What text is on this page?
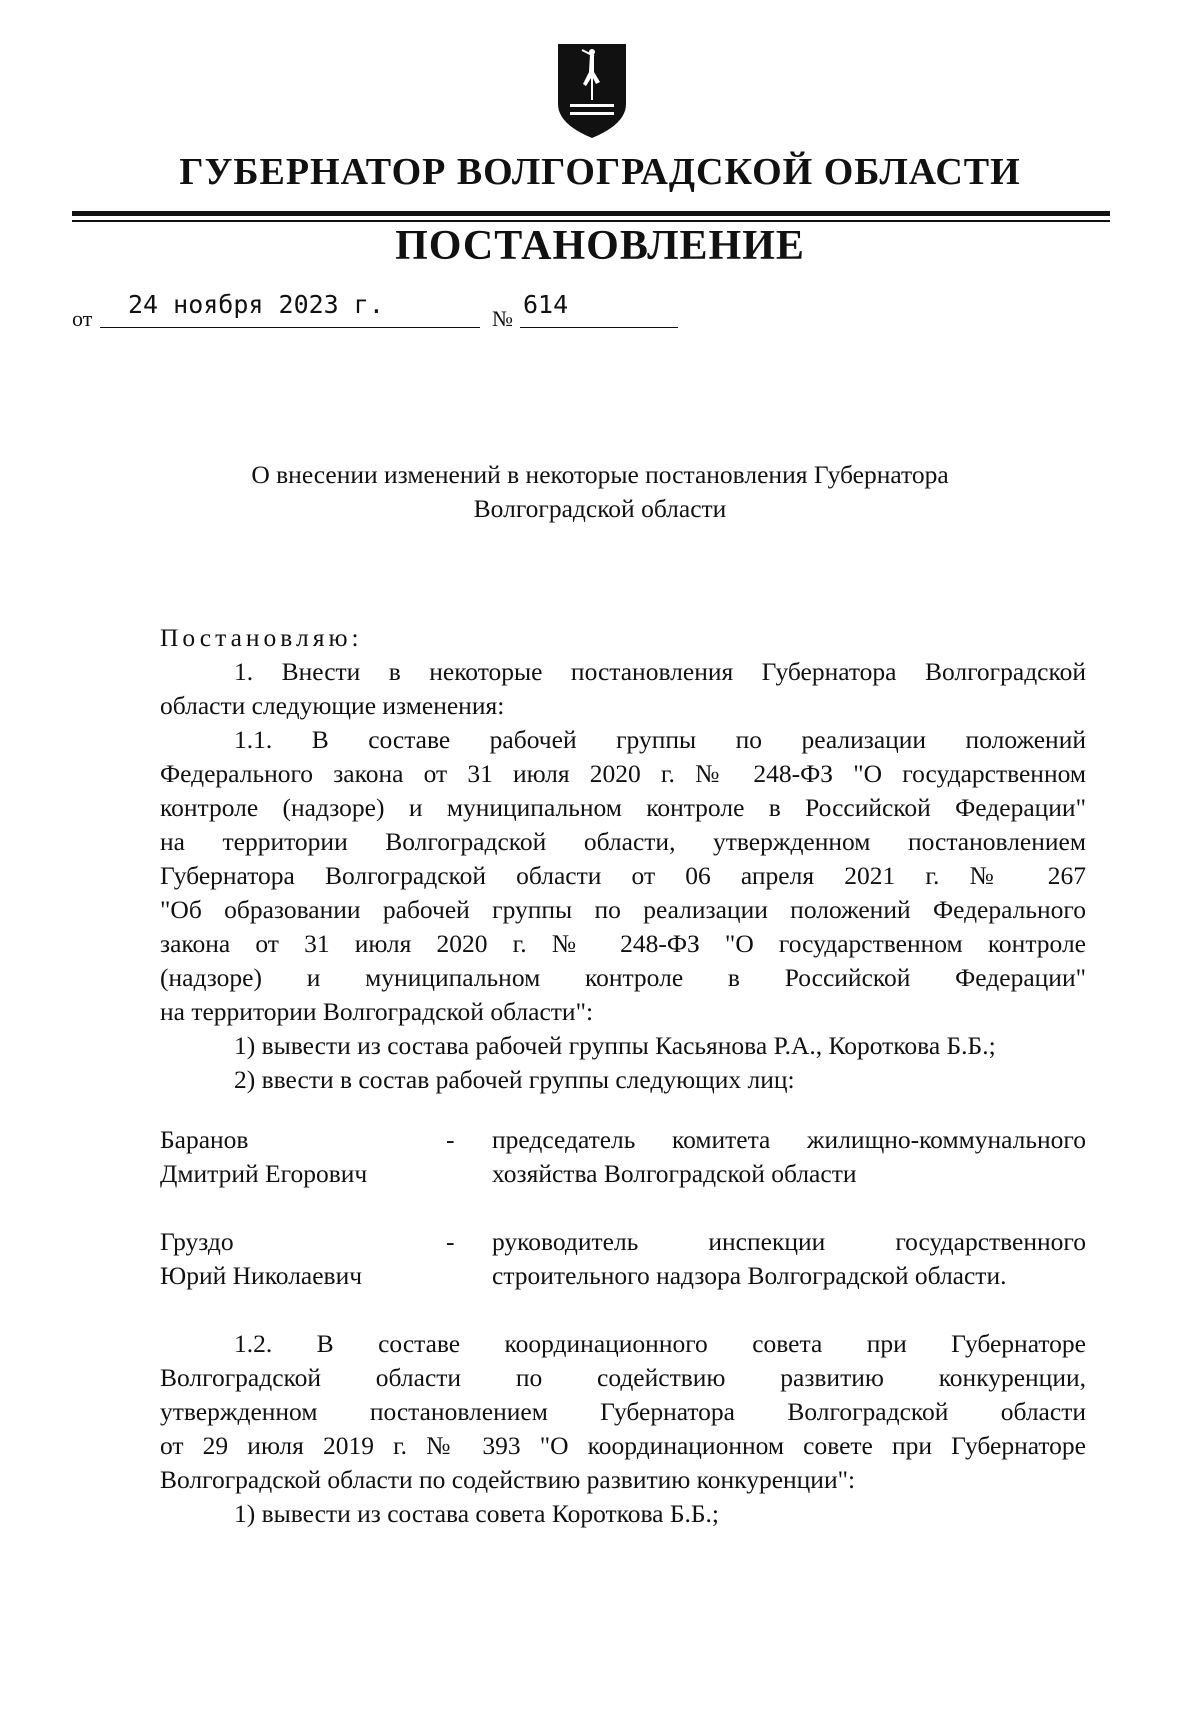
ГУБЕРНАТОР ВОЛГОГРАДСКОЙ ОБЛАСТИ
ПОСТАНОВЛЕНИЕ
от 24 ноября 2023 г.	№ 614
О внесении изменений в некоторые постановления Губернатора
Волгоградской области

Постановляю:

1. Внести в некоторые постановления Губернатора Волгоградской

области следующие изменения:

1.1. В составе рабочей группы по реализации положений

Федерального закона от 31 июля 2020 г. № 248-ФЗ "О государственном

контроле (надзоре) и муниципальном контроле в Российской Федерации"

на территории Волгоградской области, утвержденном постановлением

Губернатора Волгоградской области от 06 апреля 2021 г. № 267

"Об образовании рабочей группы по реализации положений Федерального

закона от 31 июля 2020 г. № 248-ФЗ "О государственном контроле

(надзоре) и муниципальном контроле в Российской Федерации"

на территории Волгоградской области":

1) вывести из состава рабочей группы Касьянова Р.А., Короткова Б.Б.;

2) ввести в состав рабочей группы следующих лиц:

Баранов	-	председатель комитета жилищно-коммунального
Дмитрий Егорович	хозяйства Волгоградской области
Груздо	-	руководитель инспекции государственного
Юрий Николаевич	строительного надзора Волгоградской области.

1.2. В составе координационного совета при Губернаторе

Волгоградской области по содействию развитию конкуренции,

утвержденном постановлением Губернатора Волгоградской области

от 29 июля 2019 г. № 393 "О координационном совете при Губернаторе

Волгоградской области по содействию развитию конкуренции":

1) вывести из состава совета Короткова Б.Б.;
